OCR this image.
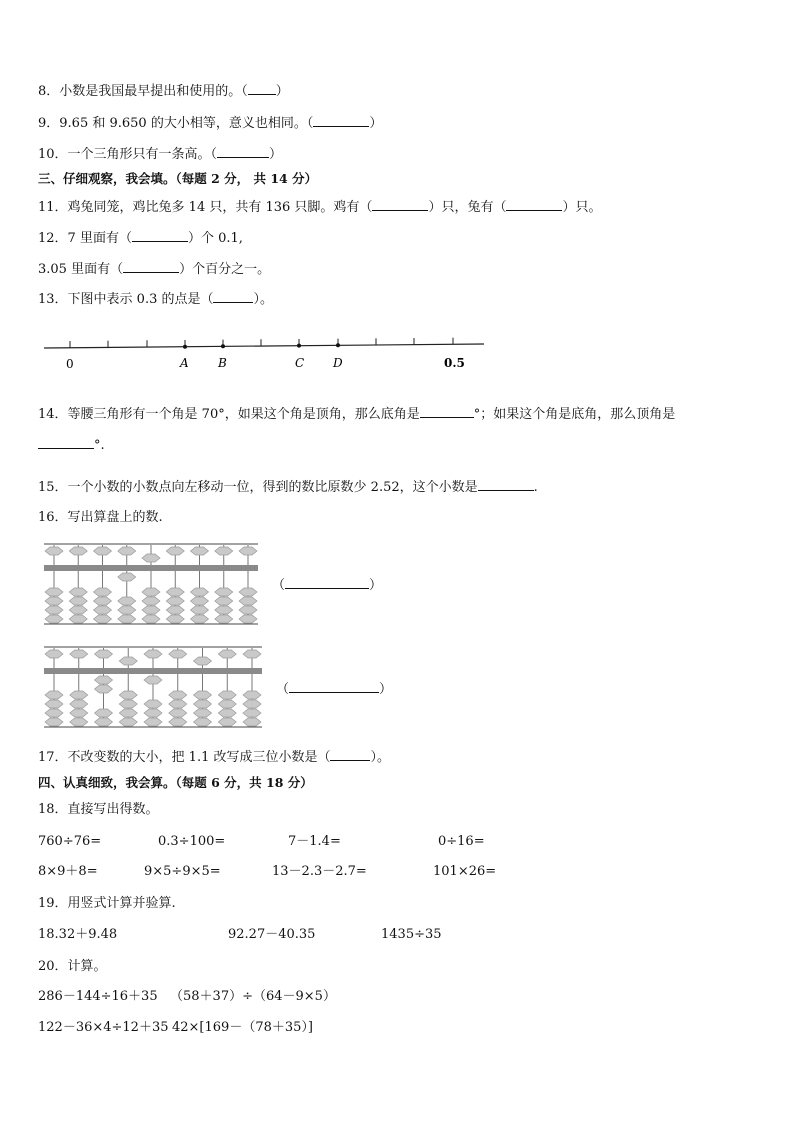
8．小数是我国最早提出和使用的。（ ）
9．9.65 和 9.650 的大小相等，意义也相同。（	）
10．一个三角形只有一条高。（	）
三、仔细观察，我会填。（每题 2 分， 共 14 分）
11．鸡兔同笼，鸡比兔多 14 只，共有 136 只脚。鸡有（	）只，兔有（	）只。
12．7 里面有（	）个 0.1,
3.05 里面有（	）个百分之一。
13．下图中表示 0.3 的点是（	）。
0	A B	C D	0.5
14．等腰三角形有一个角是 70°，如果这个角是顶角，那么底角是	°；如果这个角是底角，那么顶角是
°.
15．一个小数的小数点向左移动一位，得到的数比原数少 2.52，这个小数是	.
16．写出算盘上的数.
（	）
（	）
17．不改变数的大小，把 1.1 改写成三位小数是（	）。
四、认真细致，我会算。（每题 6 分，共 18 分）
18．直接写出得数。
760÷76=	0.3÷100=	7－1.4=	0÷16=
8×9＋8=	9×5÷9×5=	13－2.3－2.7=	101×26=
19．用竖式计算并验算.
18.32＋9.48	92.27－40.35	1435÷35
20．计算。
286－144÷16＋35 （58＋37）÷（64－9×5）
122－36×4÷12＋35 42×[169－（78＋35）]
